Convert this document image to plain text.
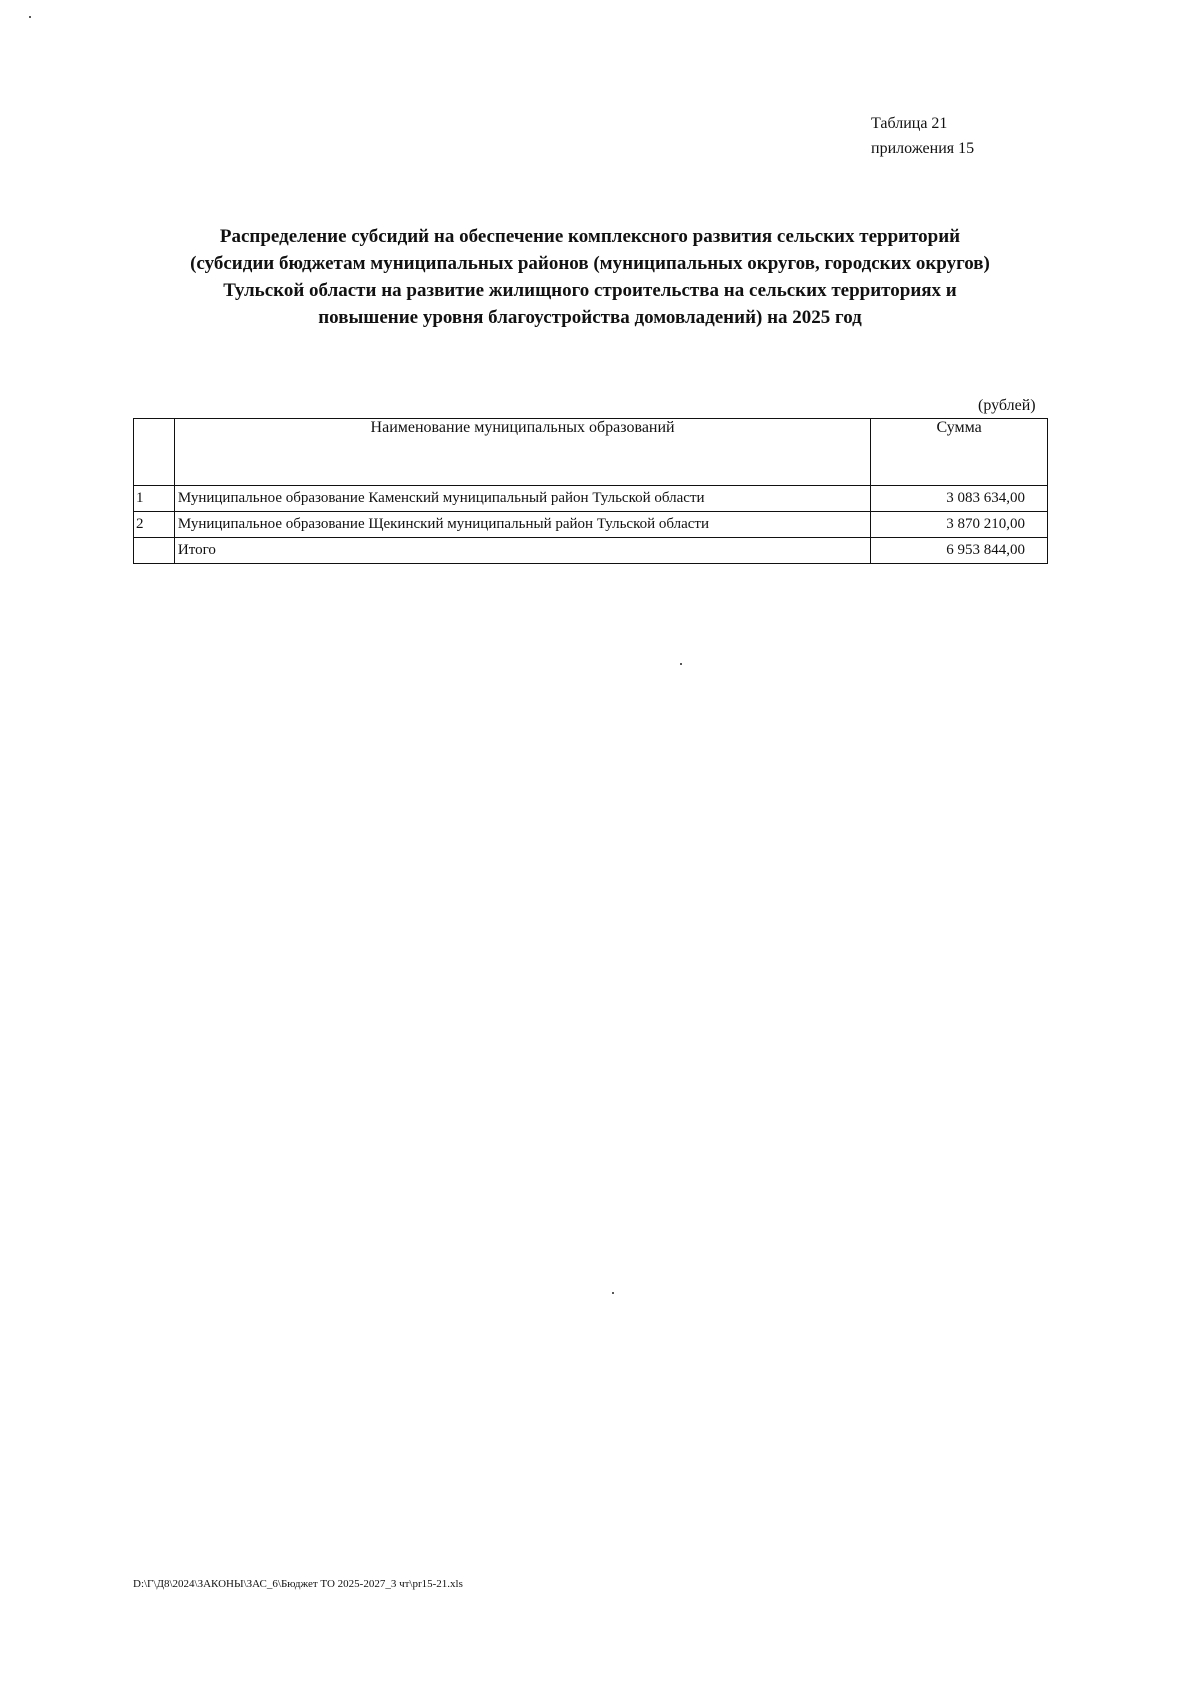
Таблица 21
приложения 15
Распределение субсидий на обеспечение комплексного развития сельских территорий
(субсидии бюджетам муниципальных районов (муниципальных округов, городских округов)
Тульской области на развитие жилищного строительства на сельских территориях и
повышение уровня благоустройства домовладений) на 2025 год
(рублей)
	Наименование муниципальных образований	Сумма
1	Муниципальное образование Каменский муниципальный район Тульской области	3 083 634,00
2	Муниципальное образование Щекинский муниципальный район Тульской области	3 870 210,00
	Итого	6 953 844,00
D:\Г\Д8\2024\ЗАКОНЫ\ЗАС_6\Бюджет ТО 2025-2027_3 чт\pr15-21.xls
